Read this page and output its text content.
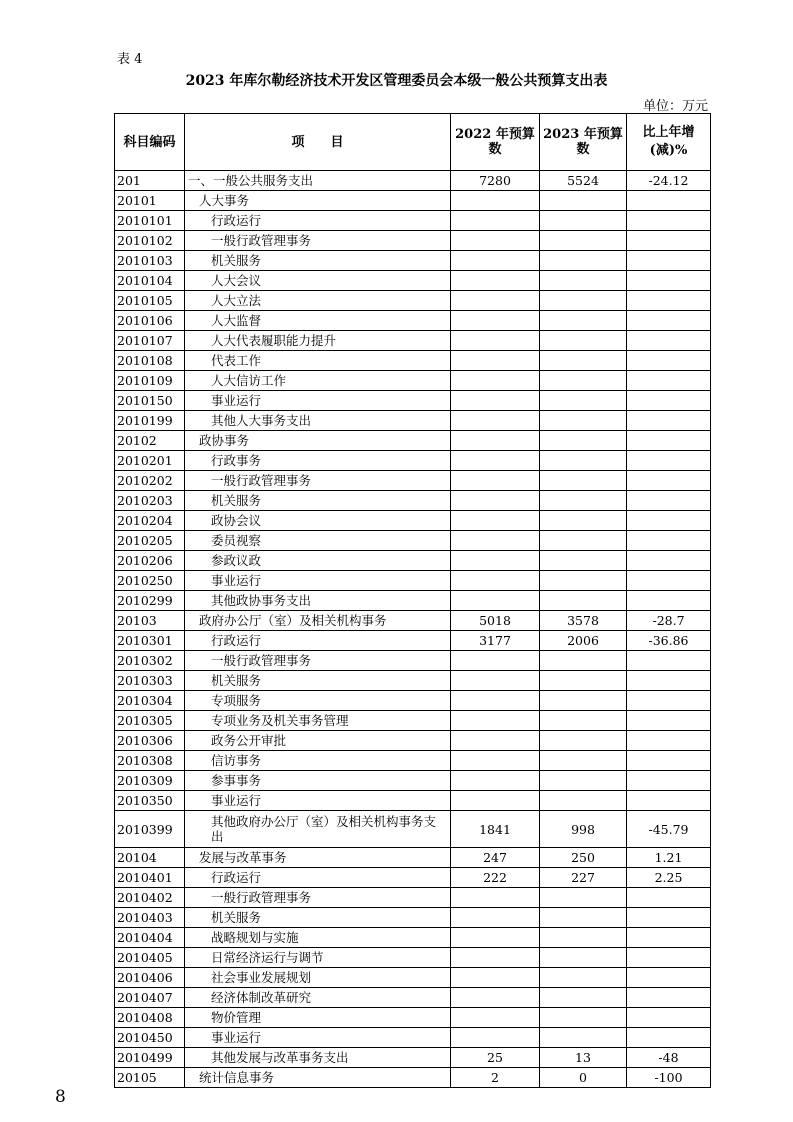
表 4
2023 年库尔勒经济技术开发区管理委员会本级一般公共预算支出表
单位：万元
科目编码	项　　目	2022 年预算数	2023 年预算数	比上年增(减)%
201	一、一般公共服务支出	7280	5524	-24.12
20101	人大事务			
2010101	行政运行			
2010102	一般行政管理事务			
2010103	机关服务			
2010104	人大会议			
2010105	人大立法			
2010106	人大监督			
2010107	人大代表履职能力提升			
2010108	代表工作			
2010109	人大信访工作			
2010150	事业运行			
2010199	其他人大事务支出			
20102	政协事务			
2010201	行政事务			
2010202	一般行政管理事务			
2010203	机关服务			
2010204	政协会议			
2010205	委员视察			
2010206	参政议政			
2010250	事业运行			
2010299	其他政协事务支出			
20103	政府办公厅（室）及相关机构事务	5018	3578	-28.7
2010301	行政运行	3177	2006	-36.86
2010302	一般行政管理事务			
2010303	机关服务			
2010304	专项服务			
2010305	专项业务及机关事务管理			
2010306	政务公开审批			
2010308	信访事务			
2010309	参事事务			
2010350	事业运行			
2010399	其他政府办公厅（室）及相关机构事务支出	1841	998	-45.79
20104	发展与改革事务	247	250	1.21
2010401	行政运行	222	227	2.25
2010402	一般行政管理事务			
2010403	机关服务			
2010404	战略规划与实施			
2010405	日常经济运行与调节			
2010406	社会事业发展规划			
2010407	经济体制改革研究			
2010408	物价管理			
2010450	事业运行			
2010499	其他发展与改革事务支出	25	13	-48
20105	统计信息事务	2	0	-100
8
